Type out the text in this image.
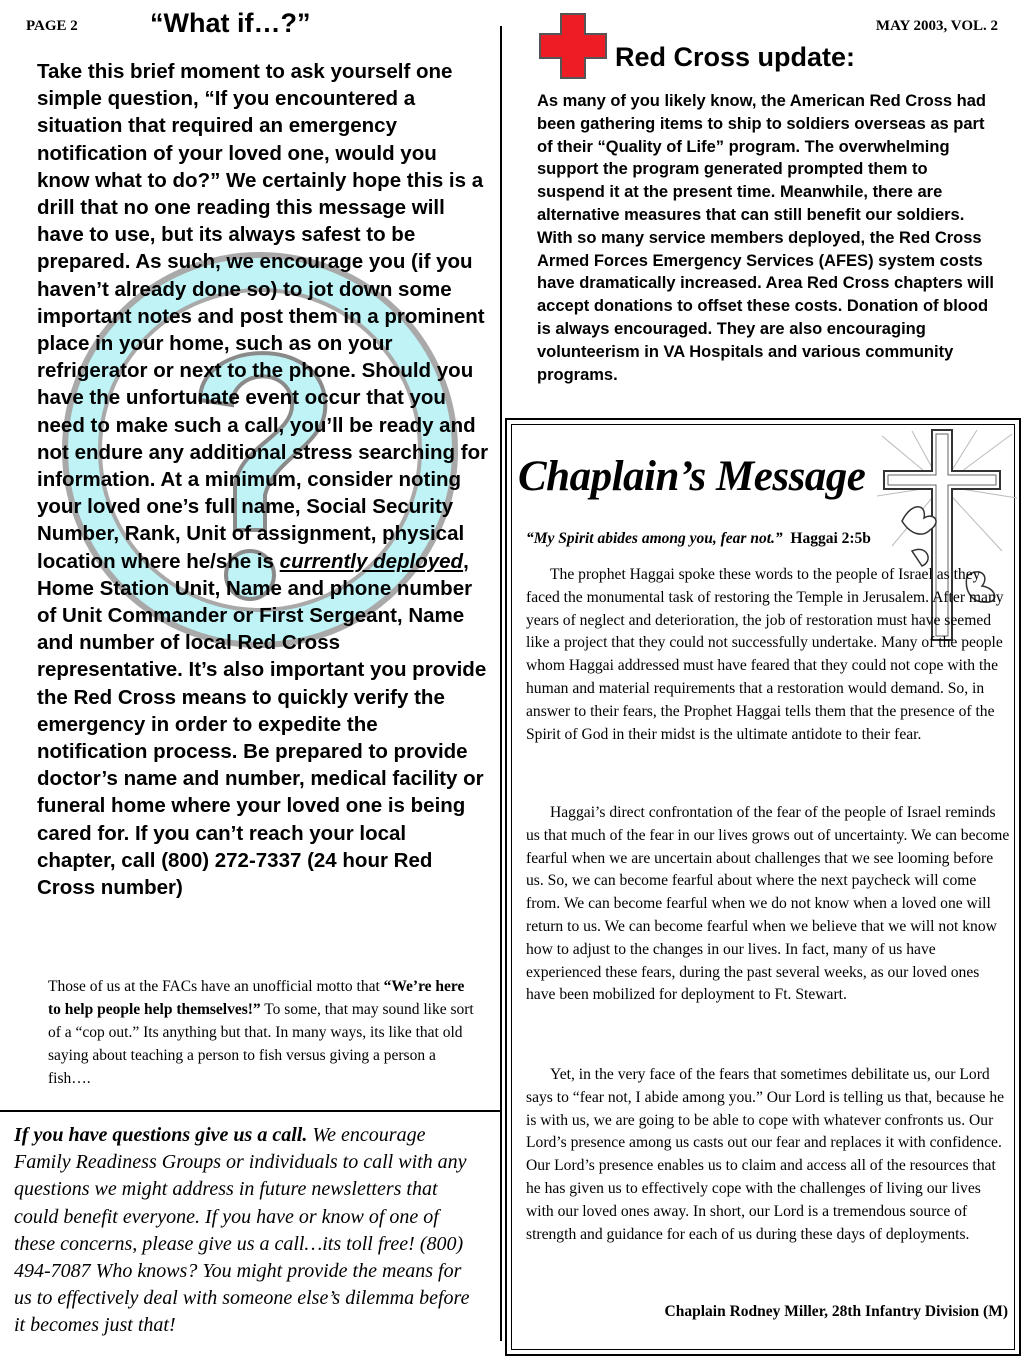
PAGE 2	“What if…?”	MAY 2003, VOL. 2

Take this brief moment to ask yourself one simple question, “If you encountered a situation that required an emergency notification of your loved one, would you know what to do?” We certainly hope this is a drill that no one reading this message will have to use, but its always safest to be prepared. As such, we encourage you (if you haven’t already done so) to jot down some important notes and post them in a prominent place in your home, such as on your refrigerator or next to the phone. Should you have the unfortunate event occur that you need to make such a call, you’ll be ready and not endure any additional stress searching for information. At a minimum, consider noting your loved one’s full name, Social Security Number, Rank, Unit of assignment, physical location where he/she is currently deployed, Home Station Unit, Name and phone number of Unit Commander or First Sergeant, Name and number of local Red Cross representative. It’s also important you provide the Red Cross means to quickly verify the emergency in order to expedite the notification process. Be prepared to provide doctor’s name and number, medical facility or funeral home where your loved one is being cared for. If you can’t reach your local chapter, call (800) 272-7337 (24 hour Red Cross number)

Those of us at the FACs have an unofficial motto that “We’re here to help people help themselves!” To some, that may sound like sort of a “cop out.” Its anything but that. In many ways, its like that old saying about teaching a person to fish versus giving a person a fish….

If you have questions give us a call. We encourage Family Readiness Groups or individuals to call with any questions we might address in future newsletters that could benefit everyone. If you have or know of one of these concerns, please give us a call…its toll free! (800) 494-7087 Who knows? You might provide the means for us to effectively deal with someone else’s dilemma before it becomes just that!

Red Cross update:

As many of you likely know, the American Red Cross had been gathering items to ship to soldiers overseas as part of their “Quality of Life” program. The overwhelming support the program generated prompted them to suspend it at the present time. Meanwhile, there are alternative measures that can still benefit our soldiers. With so many service members deployed, the Red Cross Armed Forces Emergency Services (AFES) system costs have dramatically increased. Area Red Cross chapters will accept donations to offset these costs. Donation of blood is always encouraged. They are also encouraging volunteerism in VA Hospitals and various community programs.

Chaplain’s Message
“My Spirit abides among you, fear not.” Haggai 2:5b

The prophet Haggai spoke these words to the people of Israel as they faced the monumental task of restoring the Temple in Jerusalem. After many years of neglect and deterioration, the job of restoration must have seemed like a project that they could not successfully undertake. Many of the people whom Haggai addressed must have feared that they could not cope with the human and material requirements that a restoration would demand. So, in answer to their fears, the Prophet Haggai tells them that the presence of the Spirit of God in their midst is the ultimate antidote to their fear.

Haggai’s direct confrontation of the fear of the people of Israel reminds us that much of the fear in our lives grows out of uncertainty. We can become fearful when we are uncertain about challenges that we see looming before us. So, we can become fearful about where the next paycheck will come from. We can become fearful when we do not know when a loved one will return to us. We can become fearful when we believe that we will not know how to adjust to the changes in our lives. In fact, many of us have experienced these fears, during the past several weeks, as our loved ones have been mobilized for deployment to Ft. Stewart.

Yet, in the very face of the fears that sometimes debilitate us, our Lord says to “fear not, I abide among you.” Our Lord is telling us that, because he is with us, we are going to be able to cope with whatever confronts us. Our Lord’s presence among us casts out our fear and replaces it with confidence. Our Lord’s presence enables us to claim and access all of the resources that he has given us to effectively cope with the challenges of living our lives with our loved ones away. In short, our Lord is a tremendous source of strength and guidance for each of us during these days of deployments.

Chaplain Rodney Miller, 28th Infantry Division (M)
